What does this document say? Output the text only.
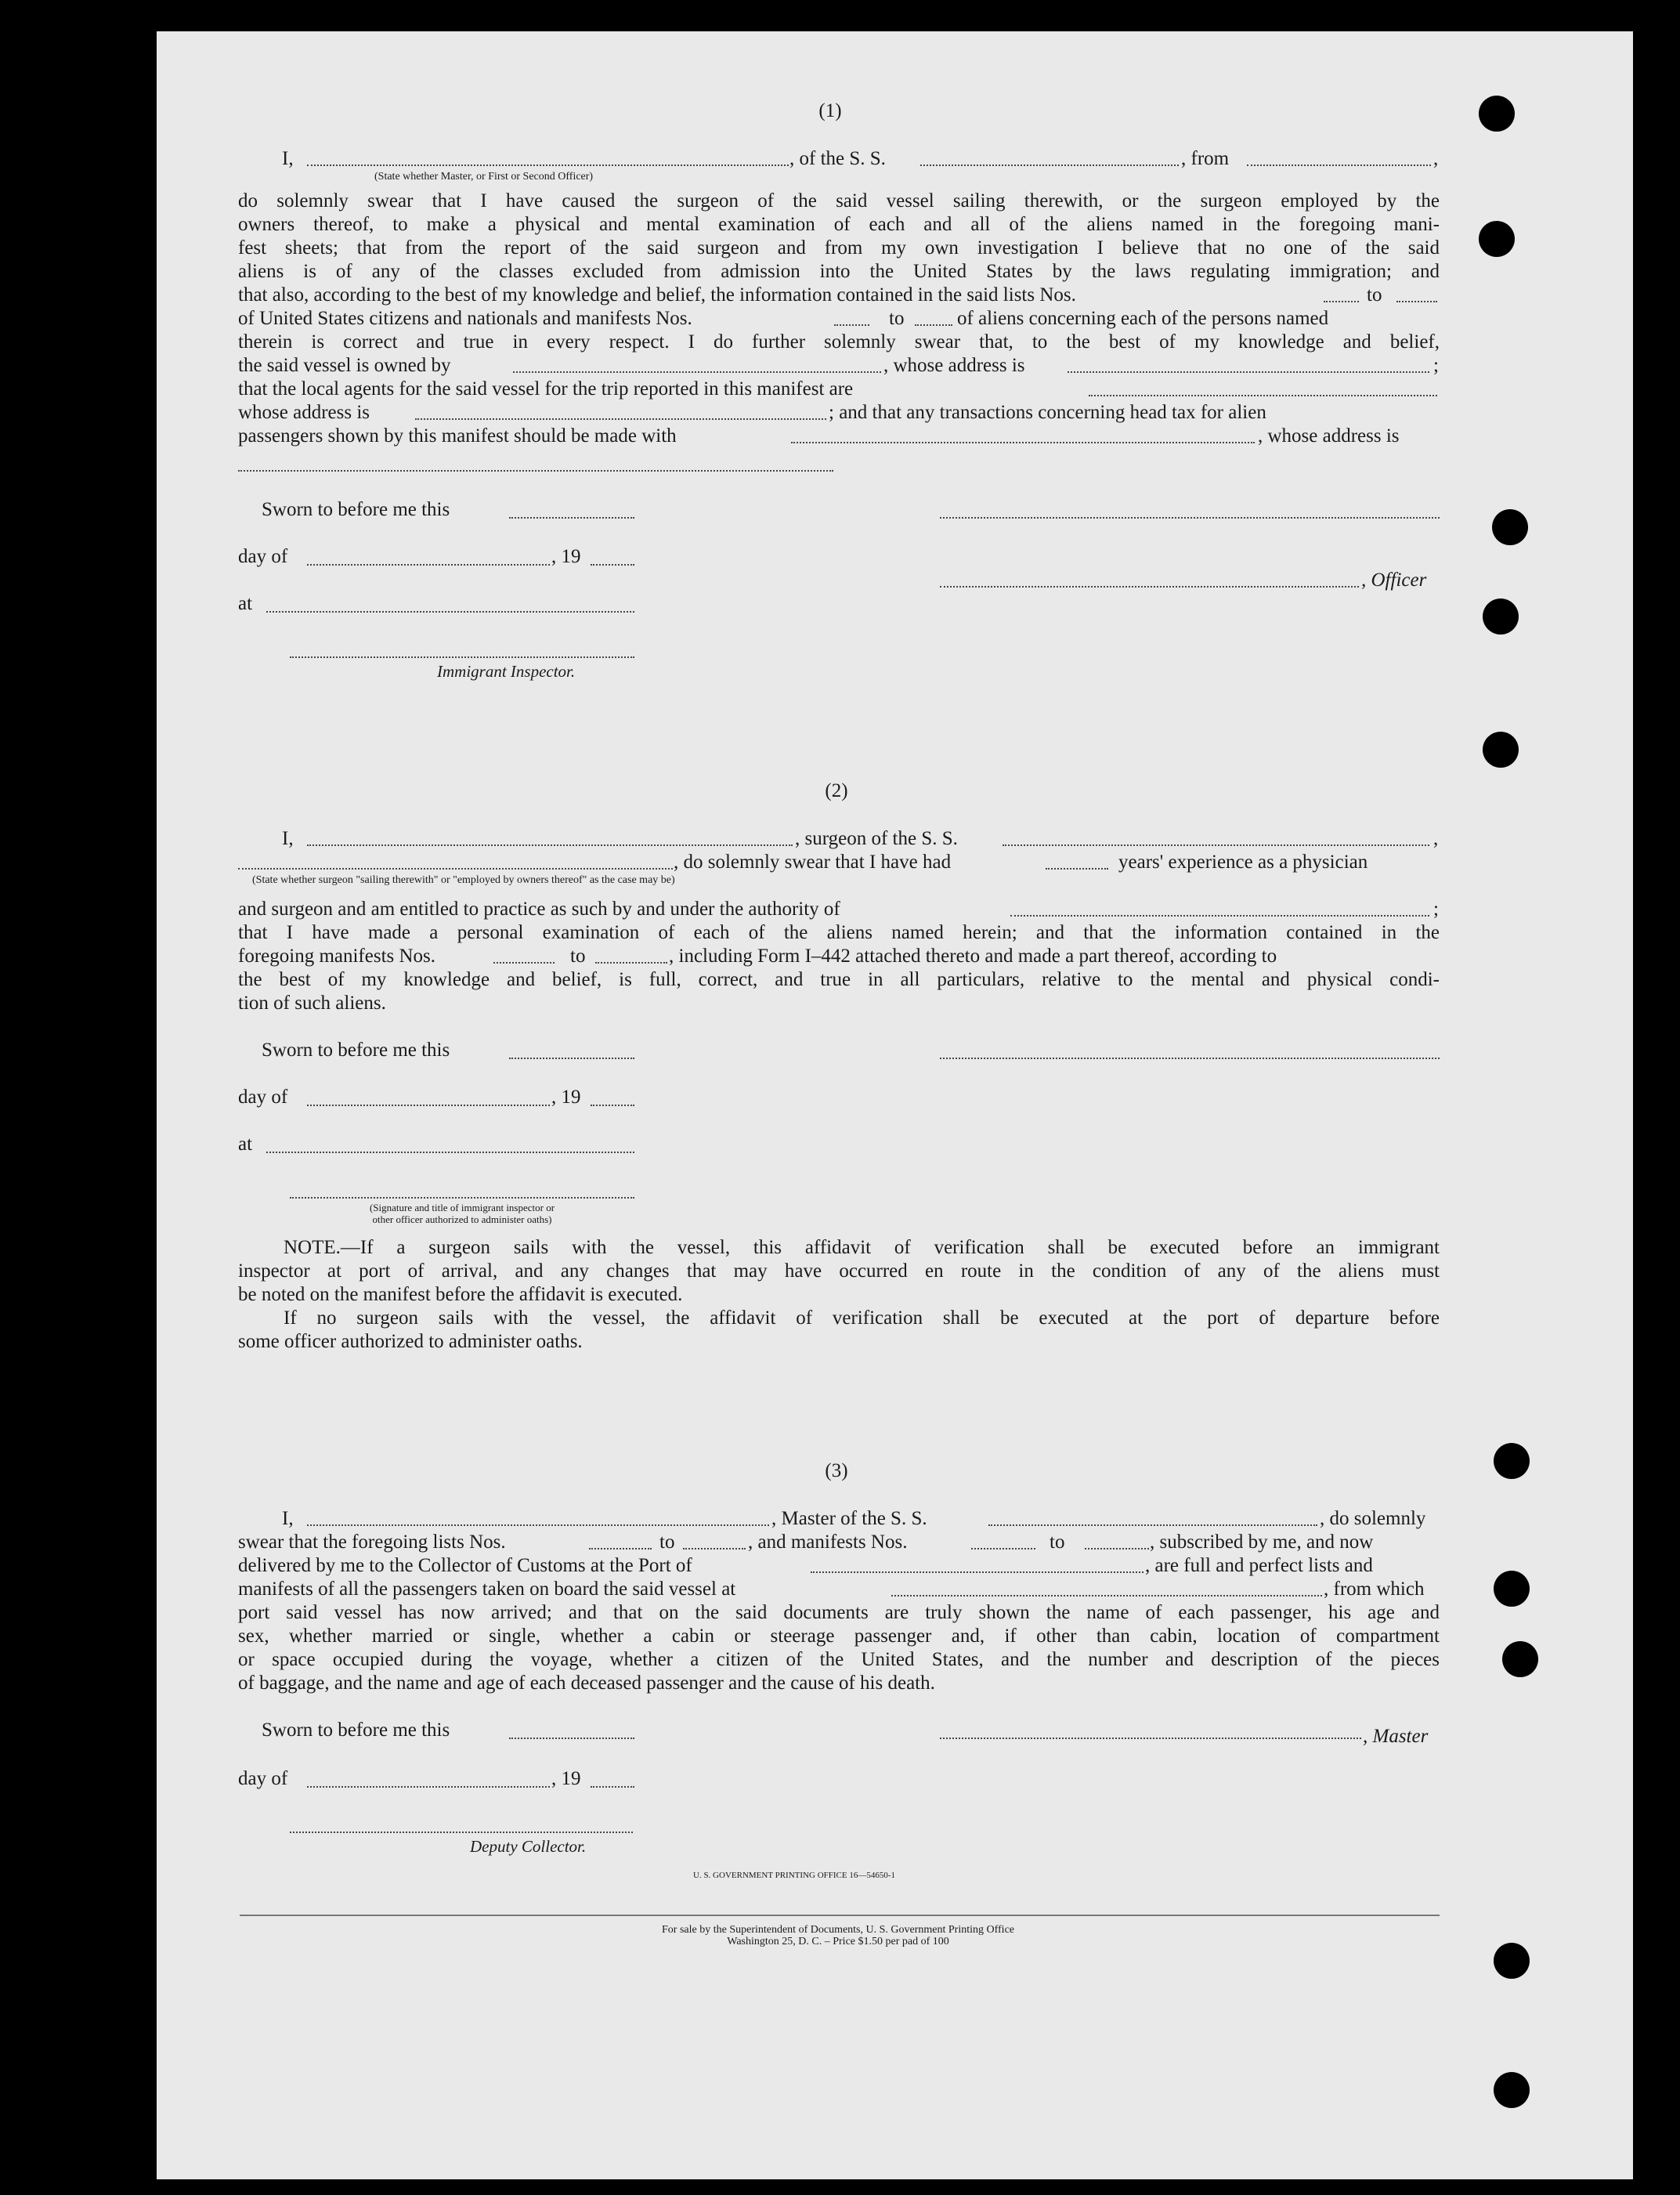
(1)
I,	, of the S. S.	, from	,
(State whether Master, or First or Second Officer)
do solemnly swear that I have caused the surgeon of the said vessel sailing therewith, or the surgeon employed by the
owners thereof, to make a physical and mental examination of each and all of the aliens named in the foregoing mani-
fest sheets; that from the report of the said surgeon and from my own investigation I believe that no one of the said
aliens is of any of the classes excluded from admission into the United States by the laws regulating immigration; and
that also, according to the best of my knowledge and belief, the information contained in the said lists Nos.	to
of United States citizens and nationals and manifests Nos.	to	of aliens concerning each of the persons named
therein is correct and true in every respect. I do further solemnly swear that, to the best of my knowledge and belief,
the said vessel is owned by	, whose address is	;
that the local agents for the said vessel for the trip reported in this manifest are
whose address is	; and that any transactions concerning head tax for alien
passengers shown by this manifest should be made with	, whose address is
Sworn to before me this
day of	, 19
, Officer
at
Immigrant Inspector.
(2)
I,	, surgeon of the S. S.	,
, do solemnly swear that I have had	years' experience as a physician
(State whether surgeon "sailing therewith" or "employed by owners thereof" as the case may be)
and surgeon and am entitled to practice as such by and under the authority of	;
that I have made a personal examination of each of the aliens named herein; and that the information contained in the
foregoing manifests Nos.	to	, including Form I–442 attached thereto and made a part thereof, according to
the best of my knowledge and belief, is full, correct, and true in all particulars, relative to the mental and physical condi-
tion of such aliens.
Sworn to before me this
day of	, 19
at
(Signature and title of immigrant inspector or
other officer authorized to administer oaths)
NOTE.—If a surgeon sails with the vessel, this affidavit of verification shall be executed before an immigrant
inspector at port of arrival, and any changes that may have occurred en route in the condition of any of the aliens must
be noted on the manifest before the affidavit is executed.
If no surgeon sails with the vessel, the affidavit of verification shall be executed at the port of departure before
some officer authorized to administer oaths.
(3)
I,	, Master of the S. S.	, do solemnly
swear that the foregoing lists Nos.	to	, and manifests Nos.	to	, subscribed by me, and now
delivered by me to the Collector of Customs at the Port of	, are full and perfect lists and
manifests of all the passengers taken on board the said vessel at	, from which
port said vessel has now arrived; and that on the said documents are truly shown the name of each passenger, his age and
sex, whether married or single, whether a cabin or steerage passenger and, if other than cabin, location of compartment
or space occupied during the voyage, whether a citizen of the United States, and the number and description of the pieces
of baggage, and the name and age of each deceased passenger and the cause of his death.
Sworn to before me this	, Master
day of	, 19
Deputy Collector.
U. S. GOVERNMENT PRINTING OFFICE 16—54650-1
For sale by the Superintendent of Documents, U. S. Government Printing Office
Washington 25, D. C. – Price $1.50 per pad of 100
